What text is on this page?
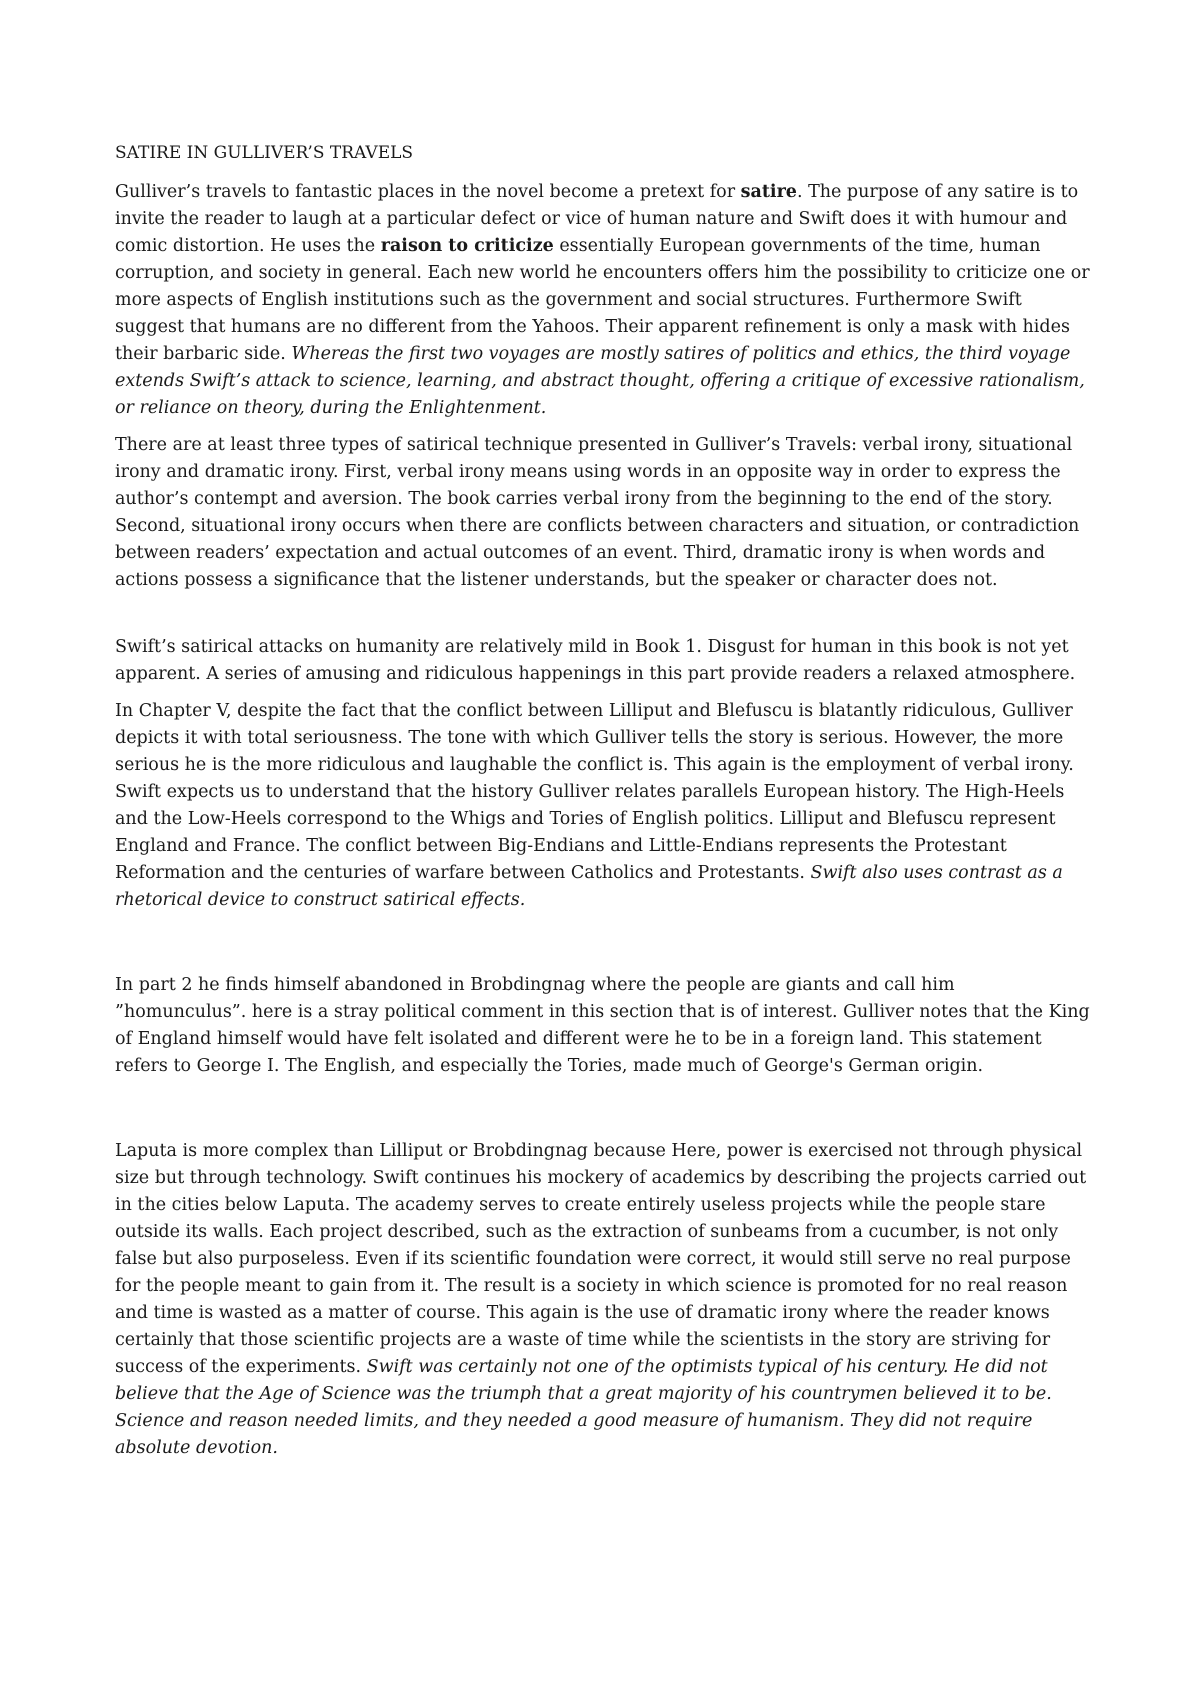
SATIRE IN GULLIVER’S TRAVELS

Gulliver’s travels to fantastic places in the novel become a pretext for satire. The purpose of any satire is to invite the reader to laugh at a particular defect or vice of human nature and Swift does it with humour and comic distortion. He uses the raison to criticize essentially European governments of the time, human corruption, and society in general. Each new world he encounters offers him the possibility to criticize one or more aspects of English institutions such as the government and social structures. Furthermore Swift suggest that humans are no different from the Yahoos. Their apparent refinement is only a mask with hides their barbaric side. Whereas the first two voyages are mostly satires of politics and ethics, the third voyage extends Swift’s attack to science, learning, and abstract thought, offering a critique of excessive rationalism, or reliance on theory, during the Enlightenment.

There are at least three types of satirical technique presented in Gulliver’s Travels: verbal irony, situational irony and dramatic irony. First, verbal irony means using words in an opposite way in order to express the author’s contempt and aversion. The book carries verbal irony from the beginning to the end of the story. Second, situational irony occurs when there are conflicts between characters and situation, or contradiction between readers’ expectation and actual outcomes of an event. Third, dramatic irony is when words and actions possess a significance that the listener understands, but the speaker or character does not.

Swift’s satirical attacks on humanity are relatively mild in Book 1. Disgust for human in this book is not yet apparent. A series of amusing and ridiculous happenings in this part provide readers a relaxed atmosphere.

In Chapter V, despite the fact that the conflict between Lilliput and Blefuscu is blatantly ridiculous, Gulliver depicts it with total seriousness. The tone with which Gulliver tells the story is serious. However, the more serious he is the more ridiculous and laughable the conflict is. This again is the employment of verbal irony. Swift expects us to understand that the history Gulliver relates parallels European history. The High-Heels and the Low-Heels correspond to the Whigs and Tories of English politics. Lilliput and Blefuscu represent England and France. The conflict between Big-Endians and Little-Endians represents the Protestant Reformation and the centuries of warfare between Catholics and Protestants. Swift also uses contrast as a rhetorical device to construct satirical effects.

In part 2 he finds himself abandoned in Brobdingnag where the people are giants and call him ”homunculus”. here is a stray political comment in this section that is of interest. Gulliver notes that the King of England himself would have felt isolated and different were he to be in a foreign land. This statement refers to George I. The English, and especially the Tories, made much of George's German origin.

Laputa is more complex than Lilliput or Brobdingnag because Here, power is exercised not through physical size but through technology. Swift continues his mockery of academics by describing the projects carried out in the cities below Laputa. The academy serves to create entirely useless projects while the people stare outside its walls. Each project described, such as the extraction of sunbeams from a cucumber, is not only false but also purposeless. Even if its scientific foundation were correct, it would still serve no real purpose for the people meant to gain from it. The result is a society in which science is promoted for no real reason and time is wasted as a matter of course. This again is the use of dramatic irony where the reader knows certainly that those scientific projects are a waste of time while the scientists in the story are striving for success of the experiments. Swift was certainly not one of the optimists typical of his century. He did not believe that the Age of Science was the triumph that a great majority of his countrymen believed it to be. Science and reason needed limits, and they needed a good measure of humanism. They did not require absolute devotion.
